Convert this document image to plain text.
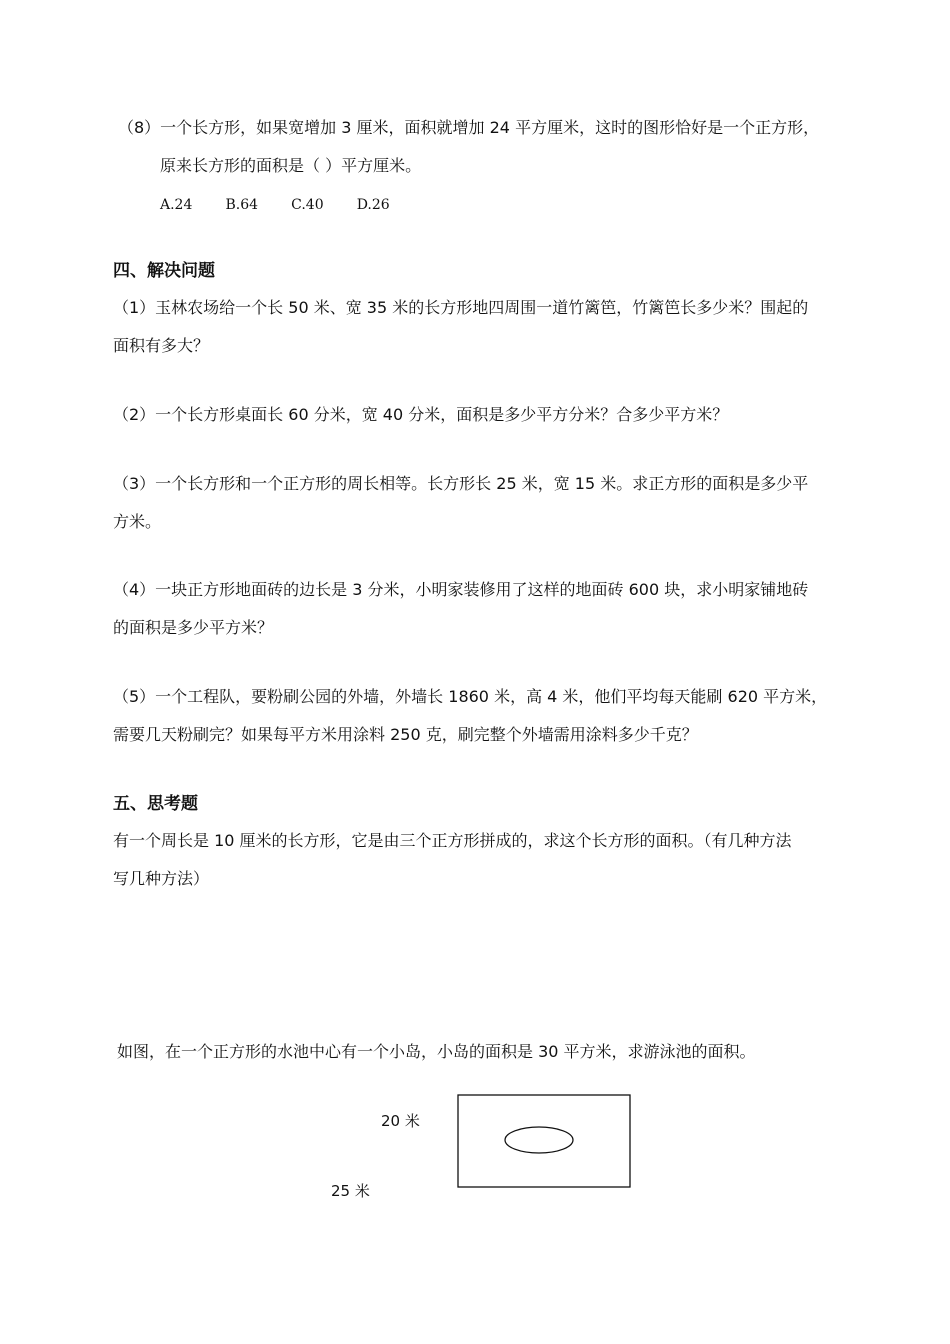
（8）一个长方形，如果宽增加 3 厘米，面积就增加 24 平方厘米，这时的图形恰好是一个正方形，
原来长方形的面积是（ ）平方厘米。
A.24 B.64 C.40 D.26
四、解决问题
（1）玉林农场给一个长 50 米、宽 35 米的长方形地四周围一道竹篱笆，竹篱笆长多少米？围起的
面积有多大？
（2）一个长方形桌面长 60 分米，宽 40 分米，面积是多少平方分米？合多少平方米？
（3）一个长方形和一个正方形的周长相等。长方形长 25 米，宽 15 米。求正方形的面积是多少平
方米。
（4）一块正方形地面砖的边长是 3 分米，小明家装修用了这样的地面砖 600 块，求小明家铺地砖
的面积是多少平方米？
（5）一个工程队，要粉刷公园的外墙，外墙长 1860 米，高 4 米，他们平均每天能刷 620 平方米，
需要几天粉刷完？如果每平方米用涂料 250 克，刷完整个外墙需用涂料多少千克？
五、思考题
有一个周长是 10 厘米的长方形，它是由三个正方形拼成的，求这个长方形的面积。（有几种方法
写几种方法）
如图，在一个正方形的水池中心有一个小岛，小岛的面积是 30 平方米，求游泳池的面积。
20 米
25 米
